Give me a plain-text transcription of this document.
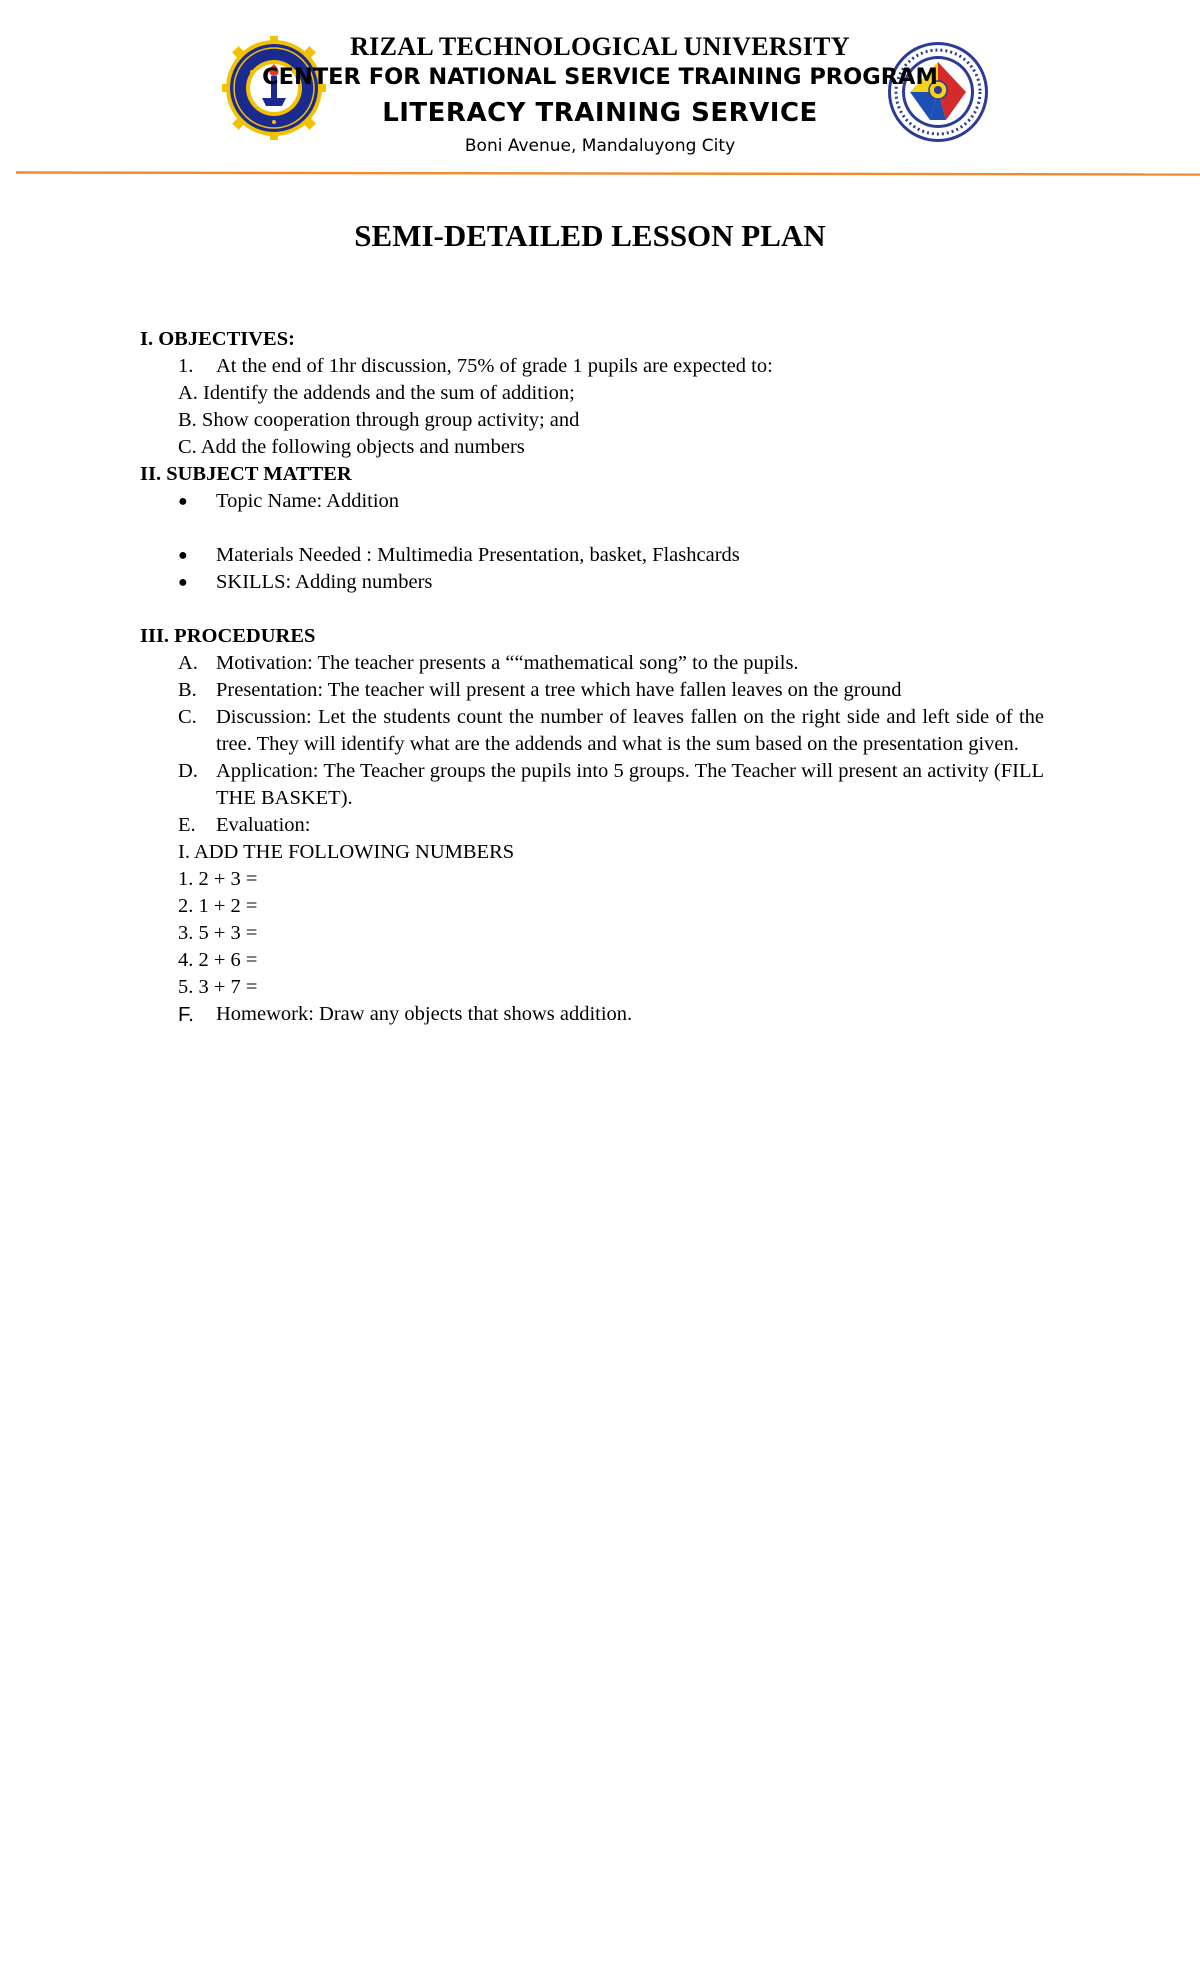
RIZAL TECHNOLOGICAL UNIVERSITY
CENTER FOR NATIONAL SERVICE TRAINING PROGRAM
LITERACY TRAINING SERVICE
Boni Avenue, Mandaluyong City
SEMI-DETAILED LESSON PLAN
I. OBJECTIVES:
1. At the end of 1hr discussion, 75% of grade 1 pupils are expected to:
A. Identify the addends and the sum of addition;
B. Show cooperation through group activity; and
C. Add the following objects and numbers
II. SUBJECT MATTER
●	Topic Name: Addition
●	Materials Needed : Multimedia Presentation, basket, Flashcards
●	SKILLS: Adding numbers
III. PROCEDURES
A. Motivation: The teacher presents a ““mathematical song” to the pupils.
B. Presentation: The teacher will present a tree which have fallen leaves on the ground
C. Discussion: Let the students count the number of leaves fallen on the right side and left side of the tree. They will identify what are the addends and what is the sum based on the presentation given.
D. Application: The Teacher groups the pupils into 5 groups. The Teacher will present an activity (FILL THE BASKET).
E. Evaluation:
I. ADD THE FOLLOWING NUMBERS
1. 2 + 3 =
2. 1 + 2 =
3. 5 + 3 =
4. 2 + 6 =
5. 3 + 7 =
F.	Homework: Draw any objects that shows addition.
